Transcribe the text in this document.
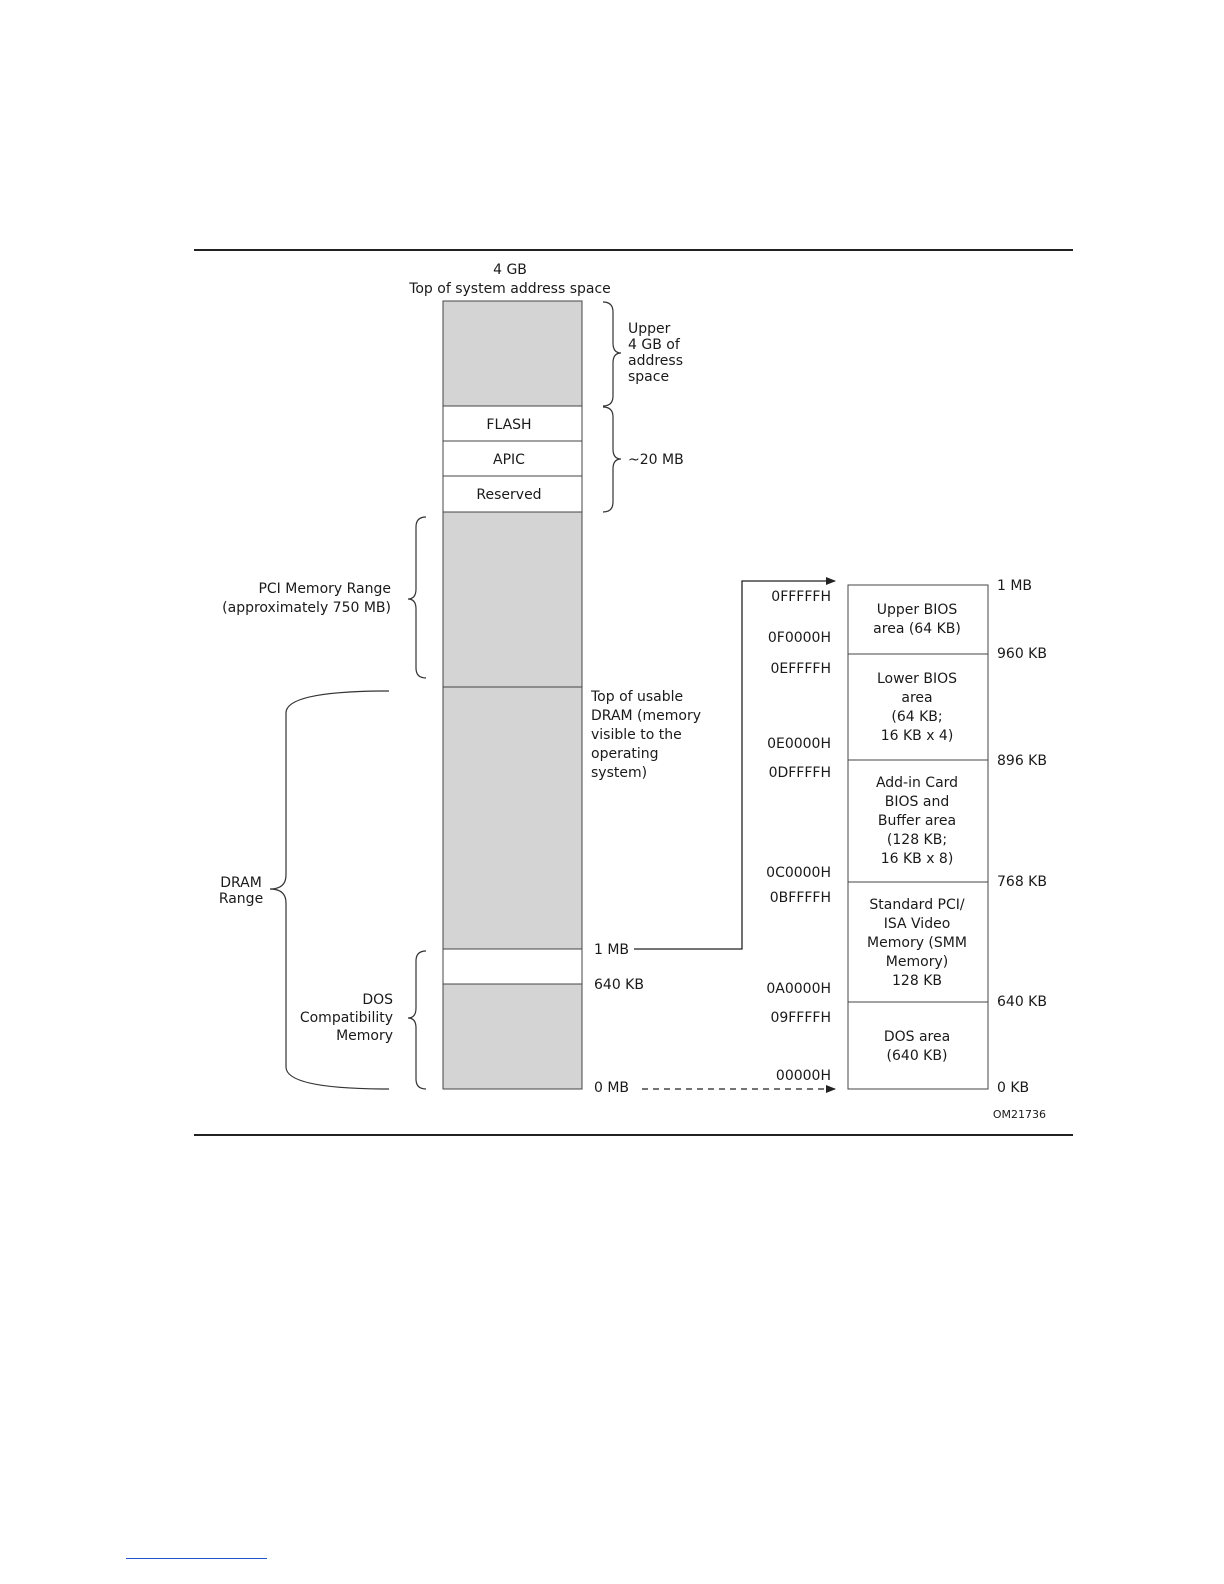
4 GB
Top of system address space
FLASH
APIC
Reserved
Upper
4 GB of
address
space
~20 MB
PCI Memory Range
(approximately 750 MB)
DRAM
Range
DOS
Compatibility
Memory
Top of usable
DRAM (memory
visible to the
operating
system)
1 MB
640 KB
0 MB
Upper BIOS
area (64 KB)
Lower BIOS
area
(64 KB;
16 KB x 4)
Add-in Card
BIOS and
Buffer area
(128 KB;
16 KB x 8)
Standard PCI/
ISA Video
Memory (SMM
Memory)
128 KB
DOS area
(640 KB)
0FFFFFH
0F0000H
0EFFFFH
0E0000H
0DFFFFH
0C0000H
0BFFFFH
0A0000H
09FFFFH
00000H
1 MB
960 KB
896 KB
768 KB
640 KB
0 KB
OM21736
